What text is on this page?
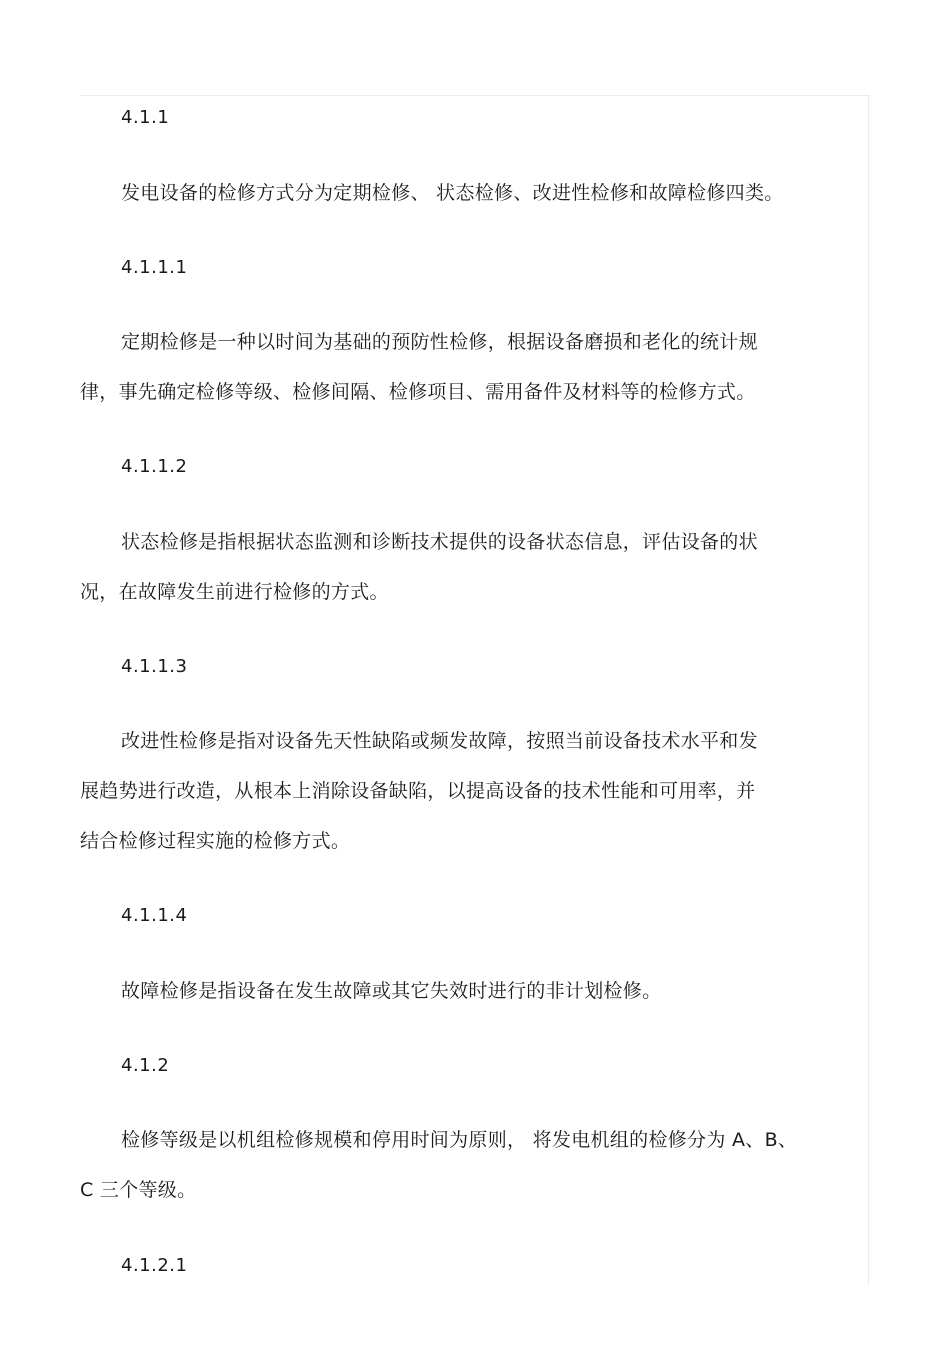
4.1.1

发电设备的检修方式分为定期检修、 状态检修、改进性检修和故障检修四类。

4.1.1.1

定期检修是一种以时间为基础的预防性检修，根据设备磨损和老化的统计规
律，事先确定检修等级、检修间隔、检修项目、需用备件及材料等的检修方式。

4.1.1.2

状态检修是指根据状态监测和诊断技术提供的设备状态信息，评估设备的状
况，在故障发生前进行检修的方式。

4.1.1.3

改进性检修是指对设备先天性缺陷或频发故障，按照当前设备技术水平和发
展趋势进行改造，从根本上消除设备缺陷，以提高设备的技术性能和可用率，并
结合检修过程实施的检修方式。

4.1.1.4

故障检修是指设备在发生故障或其它失效时进行的非计划检修。

4.1.2

检修等级是以机组检修规模和停用时间为原则， 将发电机组的检修分为 A、B、
C 三个等级。

4.1.2.1
